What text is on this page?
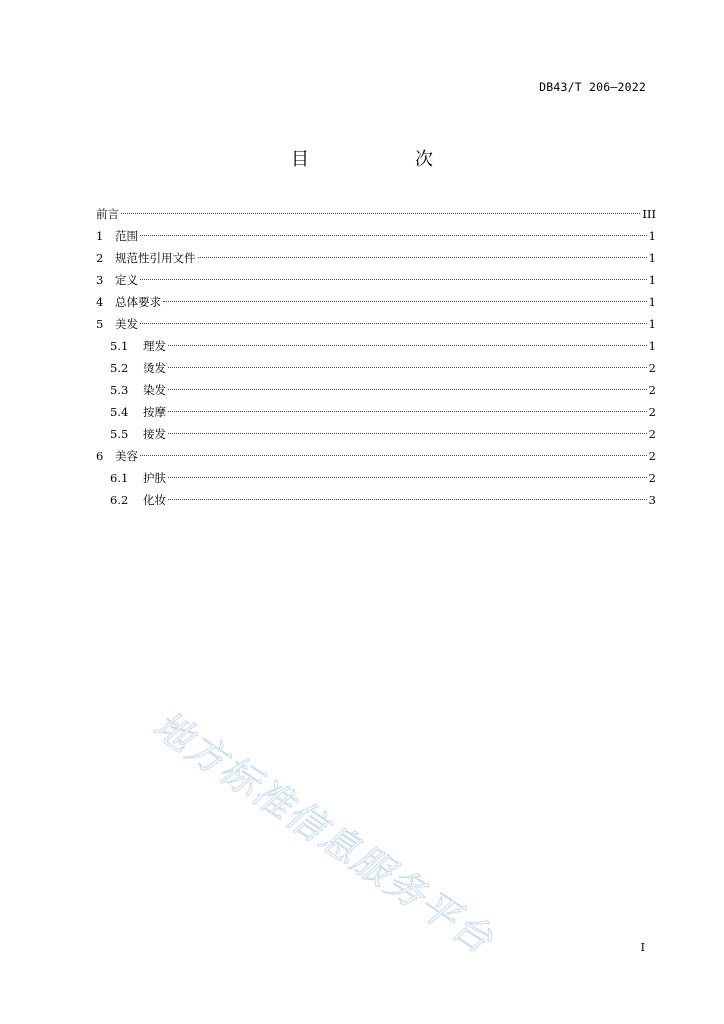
DB43/T 206—2022
目　次
前言	III
1	范围	1
2	规范性引用文件	1
3	定义	1
4	总体要求	1
5	美发	1
5.1	理发	1
5.2	烫发	2
5.3	染发	2
5.4	按摩	2
5.5	接发	2
6	美容	2
6.1	护肤	2
6.2	化妆	3
地方标准信息服务平台	I
